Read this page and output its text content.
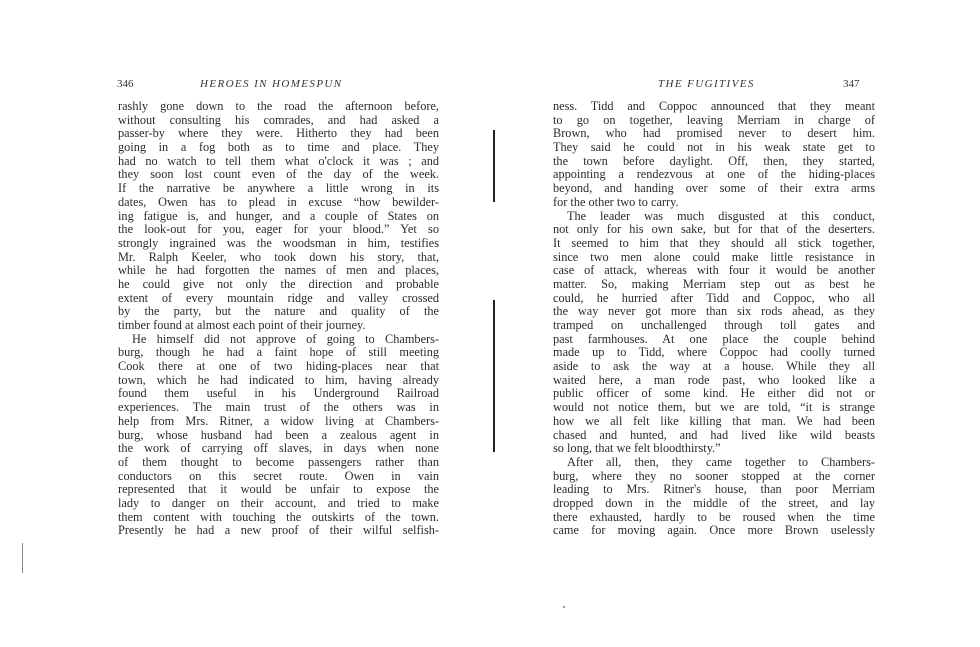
346	HEROES IN HOMESPUN
rashly gone down to the road the afternoon before,
without consulting his comrades, and had asked a
passer-by where they were. Hitherto they had been
going in a fog both as to time and place. They
had no watch to tell them what o'clock it was ; and
they soon lost count even of the day of the week.
If the narrative be anywhere a little wrong in its
dates, Owen has to plead in excuse “how bewilder-
ing fatigue is, and hunger, and a couple of States on
the look-out for you, eager for your blood.” Yet so
strongly ingrained was the woodsman in him, testifies
Mr. Ralph Keeler, who took down his story, that,
while he had forgotten the names of men and places,
he could give not only the direction and probable
extent of every mountain ridge and valley crossed
by the party, but the nature and quality of the
timber found at almost each point of their journey.
He himself did not approve of going to Chambers-
burg, though he had a faint hope of still meeting
Cook there at one of two hiding-places near that
town, which he had indicated to him, having already
found them useful in his Underground Railroad
experiences. The main trust of the others was in
help from Mrs. Ritner, a widow living at Chambers-
burg, whose husband had been a zealous agent in
the work of carrying off slaves, in days when none
of them thought to become passengers rather than
conductors on this secret route. Owen in vain
represented that it would be unfair to expose the
lady to danger on their account, and tried to make
them content with touching the outskirts of the town.
Presently he had a new proof of their wilful selfish-
THE FUGITIVES	347
ness. Tidd and Coppoc announced that they meant
to go on together, leaving Merriam in charge of
Brown, who had promised never to desert him.
They said he could not in his weak state get to
the town before daylight. Off, then, they started,
appointing a rendezvous at one of the hiding-places
beyond, and handing over some of their extra arms
for the other two to carry.
The leader was much disgusted at this conduct,
not only for his own sake, but for that of the deserters.
It seemed to him that they should all stick together,
since two men alone could make little resistance in
case of attack, whereas with four it would be another
matter. So, making Merriam step out as best he
could, he hurried after Tidd and Coppoc, who all
the way never got more than six rods ahead, as they
tramped on unchallenged through toll gates and
past farmhouses. At one place the couple behind
made up to Tidd, where Coppoc had coolly turned
aside to ask the way at a house. While they all
waited here, a man rode past, who looked like a
public officer of some kind. He either did not or
would not notice them, but we are told, “it is strange
how we all felt like killing that man. We had been
chased and hunted, and had lived like wild beasts
so long, that we felt bloodthirsty.”
After all, then, they came together to Chambers-
burg, where they no sooner stopped at the corner
leading to Mrs. Ritner's house, than poor Merriam
dropped down in the middle of the street, and lay
there exhausted, hardly to be roused when the time
came for moving again. Once more Brown uselessly
